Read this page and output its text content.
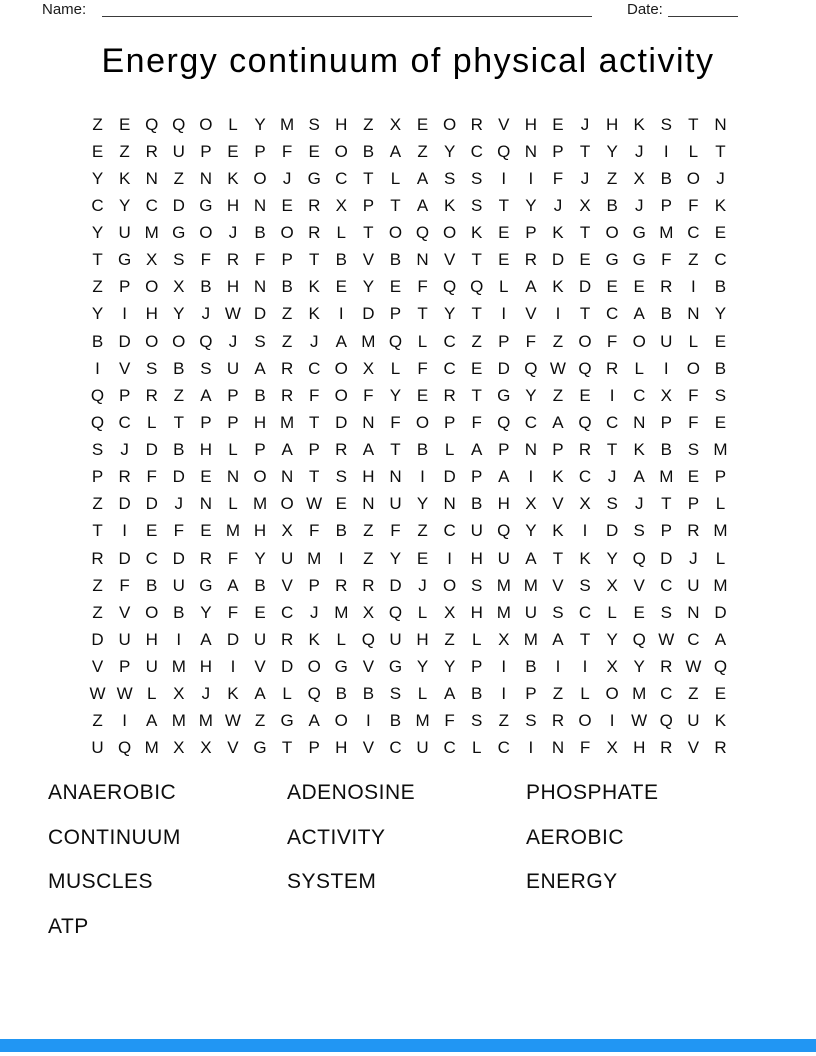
Name:	Date:
Energy continuum of physical activity
Z E Q Q O L Y M S H Z X E O R V H E	J H K S T N
E Z R U P E P F E O B A Z Y C Q N P T Y	J	I	L	T
Y K N Z N K O J G C T	L A S S	I	I	F	J	Z X B O J
C Y C D G H N E R X P T A K S T Y	J	X B	J	P F K
Y U M G O J	B O R L	T O Q O K E P K T O G M C E
T G X S F R F P T B V B N V T E R D E G G F Z C
Z P O X B H N B K E Y E F Q Q L A K D E E R	I	B
Y	I	H Y	J W D Z K	I	D P T Y T	I	V	I	T C A B N Y
B D O O Q J	S Z	J	A M Q L C Z P F Z O F O U L E
I	V S B S U A R C O X L	F C E D Q W Q R L	I	O B
Q P R Z A P B R F O F Y E R T G Y Z E	I	C X F S
Q C L	T P P H M T D N F O P F Q C A Q C N P F E
S	J D B H L P A P R A T B L A P N P R T K B S M
P R F D E N O N T S H N	I	D P A	I	K C J	A M E P
Z D D J N L M O W E N U Y N B H X V X S	J	T P L
T	I	E F E M H X F B Z F Z C U Q Y K	I	D S P R M
R D C D R F Y U M	I	Z Y E	I	H U A T K Y Q D J	L
Z F B U G A B V P R R D J O S M M V S X V C U M
Z V O B Y F E C J M X Q L X H M U S C L E S N D
D U H	I	A D U R K L Q U H Z	L X M A T Y Q W C A
V P U M H	I	V D O G V G Y Y P	I	B	I	I	X Y R W Q
W W L X	J	K A L Q B B S L A B	I	P Z	L O M C Z E
Z	I	A M M W Z G A O	I	B M F S Z S R O	I W Q U K
U Q M X X V G T P H V C U C L C	I	N F X H R V R
ANAEROBIC
CONTINUUM
MUSCLES
ATP
ADENOSINE
ACTIVITY
SYSTEM
PHOSPHATE
AEROBIC
ENERGY
